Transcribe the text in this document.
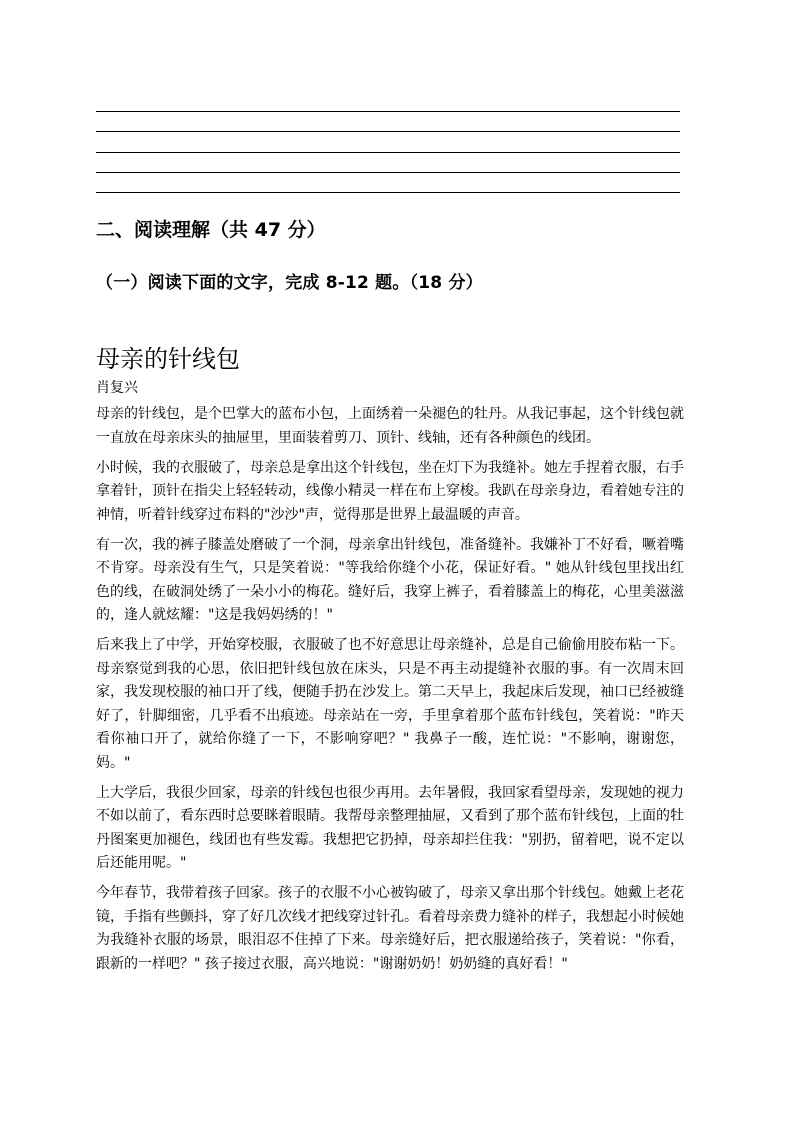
二、阅读理解（共 47 分）
（一）阅读下面的文字，完成 8-12 题。（18 分）
母亲的针线包
肖复兴

母亲的针线包，是个巴掌大的蓝布小包，上面绣着一朵褪色的牡丹。从我记事起，这个针线包就一直放在母亲床头的抽屉里，里面装着剪刀、顶针、线轴，还有各种颜色的线团。

小时候，我的衣服破了，母亲总是拿出这个针线包，坐在灯下为我缝补。她左手捏着衣服，右手拿着针，顶针在指尖上轻轻转动，线像小精灵一样在布上穿梭。我趴在母亲身边，看着她专注的神情，听着针线穿过布料的"沙沙"声，觉得那是世界上最温暖的声音。

有一次，我的裤子膝盖处磨破了一个洞，母亲拿出针线包，准备缝补。我嫌补丁不好看，噘着嘴不肯穿。母亲没有生气，只是笑着说："等我给你缝个小花，保证好看。" 她从针线包里找出红色的线，在破洞处绣了一朵小小的梅花。缝好后，我穿上裤子，看着膝盖上的梅花，心里美滋滋的，逢人就炫耀："这是我妈妈绣的！"

后来我上了中学，开始穿校服，衣服破了也不好意思让母亲缝补，总是自己偷偷用胶布粘一下。母亲察觉到我的心思，依旧把针线包放在床头，只是不再主动提缝补衣服的事。有一次周末回家，我发现校服的袖口开了线，便随手扔在沙发上。第二天早上，我起床后发现，袖口已经被缝好了，针脚细密，几乎看不出痕迹。母亲站在一旁，手里拿着那个蓝布针线包，笑着说："昨天看你袖口开了，就给你缝了一下，不影响穿吧？" 我鼻子一酸，连忙说："不影响，谢谢您，妈。"

上大学后，我很少回家，母亲的针线包也很少再用。去年暑假，我回家看望母亲，发现她的视力不如以前了，看东西时总要眯着眼睛。我帮母亲整理抽屉，又看到了那个蓝布针线包，上面的牡丹图案更加褪色，线团也有些发霉。我想把它扔掉，母亲却拦住我："别扔，留着吧，说不定以后还能用呢。"

今年春节，我带着孩子回家。孩子的衣服不小心被钩破了，母亲又拿出那个针线包。她戴上老花镜，手指有些颤抖，穿了好几次线才把线穿过针孔。看着母亲费力缝补的样子，我想起小时候她为我缝补衣服的场景，眼泪忍不住掉了下来。母亲缝好后，把衣服递给孩子，笑着说："你看，跟新的一样吧？" 孩子接过衣服，高兴地说："谢谢奶奶！奶奶缝的真好看！"
